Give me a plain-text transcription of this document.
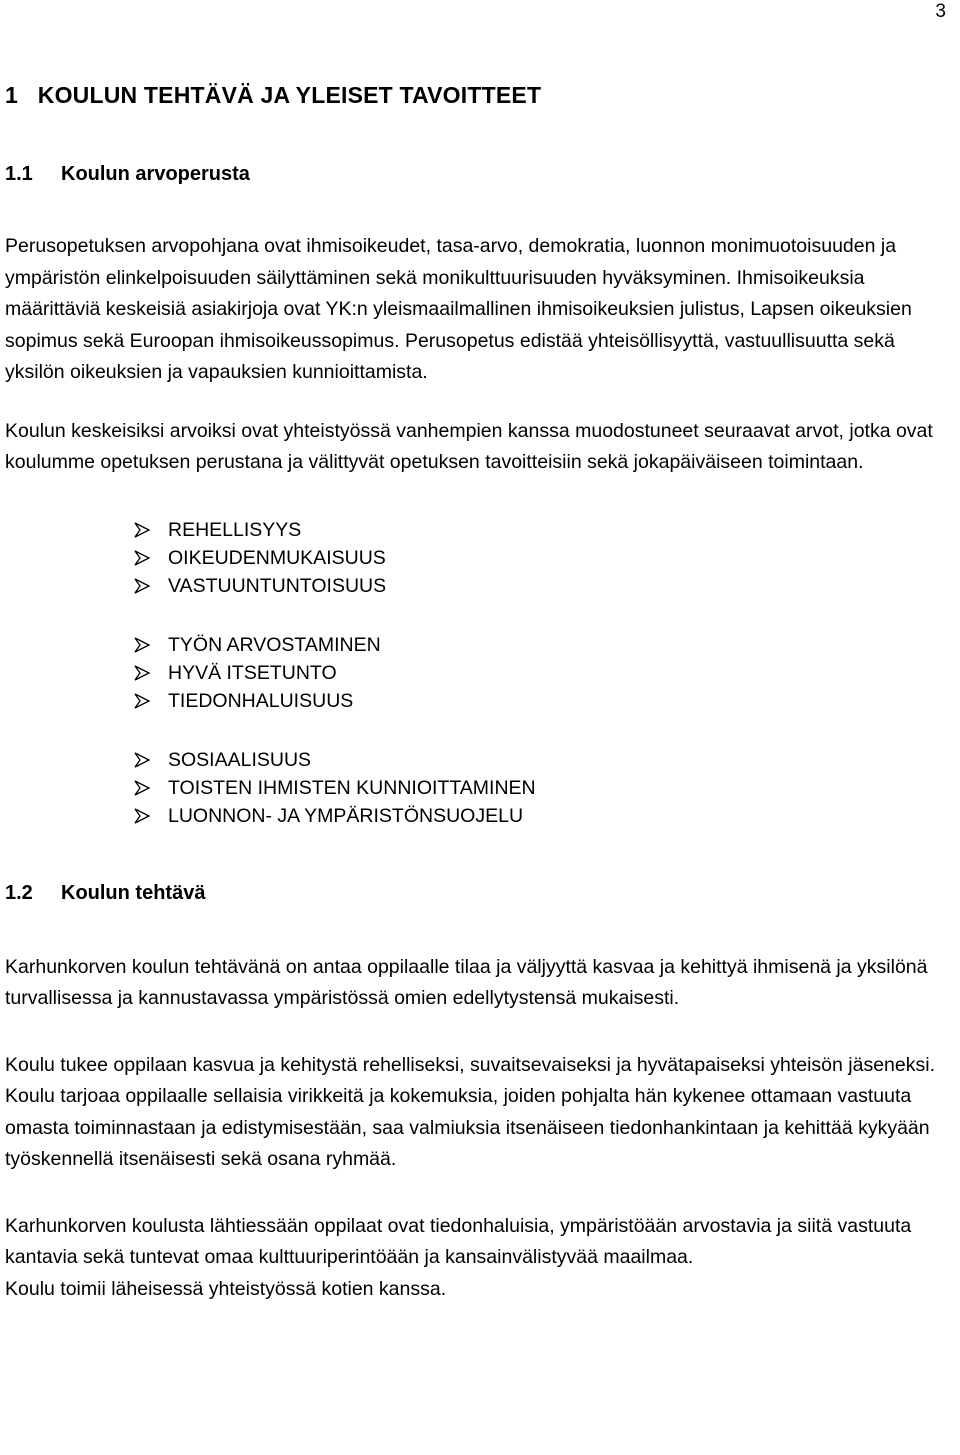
3
1   KOULUN TEHTÄVÄ JA YLEISET TAVOITTEET
1.1 Koulun arvoperusta

Perusopetuksen arvopohjana ovat ihmisoikeudet, tasa-arvo, demokratia, luonnon monimuotoisuuden ja ympäristön elinkelpoisuuden säilyttäminen sekä monikulttuurisuuden hyväksyminen. Ihmisoikeuksia määrittäviä keskeisiä asiakirjoja ovat YK:n yleismaailmallinen ihmisoikeuksien julistus, Lapsen oikeuksien sopimus sekä Euroopan ihmisoikeussopimus. Perusopetus edistää yhteisöllisyyttä, vastuullisuutta sekä yksilön oikeuksien ja vapauksien kunnioittamista.

Koulun keskeisiksi arvoiksi ovat yhteistyössä vanhempien kanssa muodostuneet seuraavat arvot, jotka ovat koulumme opetuksen perustana ja välittyvät opetuksen tavoitteisiin sekä jokapäiväiseen toimintaan.

REHELLISYYS
OIKEUDENMUKAISUUS
VASTUUNTUNTOISUUS
TYÖN ARVOSTAMINEN
HYVÄ ITSETUNTO
TIEDONHALUISUUS
SOSIAALISUUS
TOISTEN IHMISTEN KUNNIOITTAMINEN
LUONNON- JA YMPÄRISTÖNSUOJELU
1.2 Koulun tehtävä

Karhunkorven koulun tehtävänä on antaa oppilaalle tilaa ja väljyyttä kasvaa ja kehittyä ihmisenä ja yksilönä turvallisessa ja kannustavassa ympäristössä omien edellytystensä mukaisesti.

Koulu tukee oppilaan kasvua ja kehitystä rehelliseksi, suvaitsevaiseksi ja hyvätapaiseksi yhteisön jäseneksi. Koulu tarjoaa oppilaalle sellaisia virikkeitä ja kokemuksia, joiden pohjalta hän kykenee ottamaan vastuuta omasta toiminnastaan ja edistymisestään, saa valmiuksia itsenäiseen tiedonhankintaan ja kehittää kykyään työskennellä itsenäisesti sekä osana ryhmää.

Karhunkorven koulusta lähtiessään oppilaat ovat tiedonhaluisia, ympäristöään arvostavia ja siitä vastuuta kantavia sekä tuntevat omaa kulttuuriperintöään ja kansainvälistyvää maailmaa.

Koulu toimii läheisessä yhteistyössä kotien kanssa.
